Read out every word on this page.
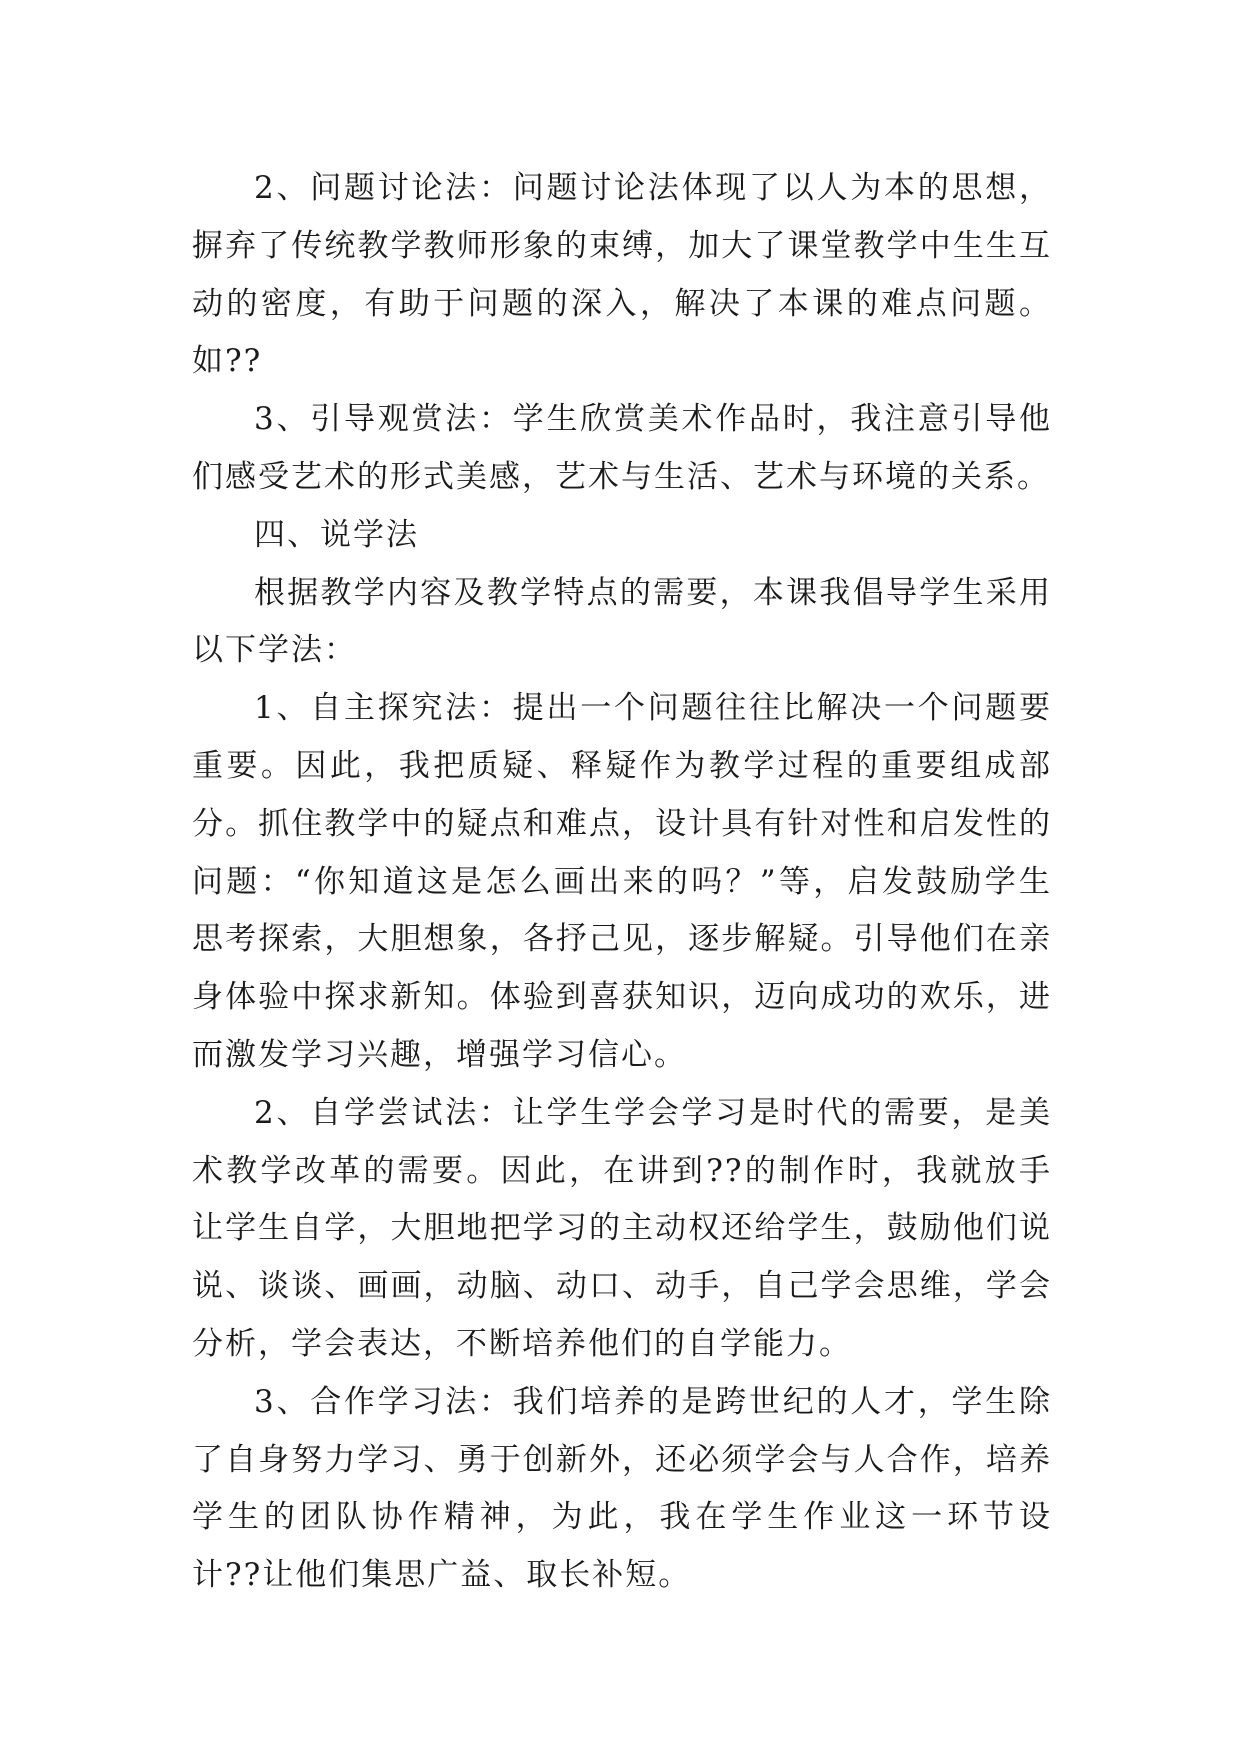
2、问题讨论法：问题讨论法体现了以人为本的思想，摒弃了传统教学教师形象的束缚，加大了课堂教学中生生互动的密度，有助于问题的深入，解决了本课的难点问题。如??

3、引导观赏法：学生欣赏美术作品时，我注意引导他们感受艺术的形式美感，艺术与生活、艺术与环境的关系。

四、说学法

根据教学内容及教学特点的需要，本课我倡导学生采用以下学法：

1、自主探究法：提出一个问题往往比解决一个问题要重要。因此，我把质疑、释疑作为教学过程的重要组成部分。抓住教学中的疑点和难点，设计具有针对性和启发性的问题：“你知道这是怎么画出来的吗？”等，启发鼓励学生思考探索，大胆想象，各抒己见，逐步解疑。引导他们在亲身体验中探求新知。体验到喜获知识，迈向成功的欢乐，进而激发学习兴趣，增强学习信心。

2、自学尝试法：让学生学会学习是时代的需要，是美术教学改革的需要。因此，在讲到??的制作时，我就放手让学生自学，大胆地把学习的主动权还给学生，鼓励他们说说、谈谈、画画，动脑、动口、动手，自己学会思维，学会分析，学会表达，不断培养他们的自学能力。

3、合作学习法：我们培养的是跨世纪的人才，学生除了自身努力学习、勇于创新外，还必须学会与人合作，培养学生的团队协作精神，为此，我在学生作业这一环节设计??让他们集思广益、取长补短。
